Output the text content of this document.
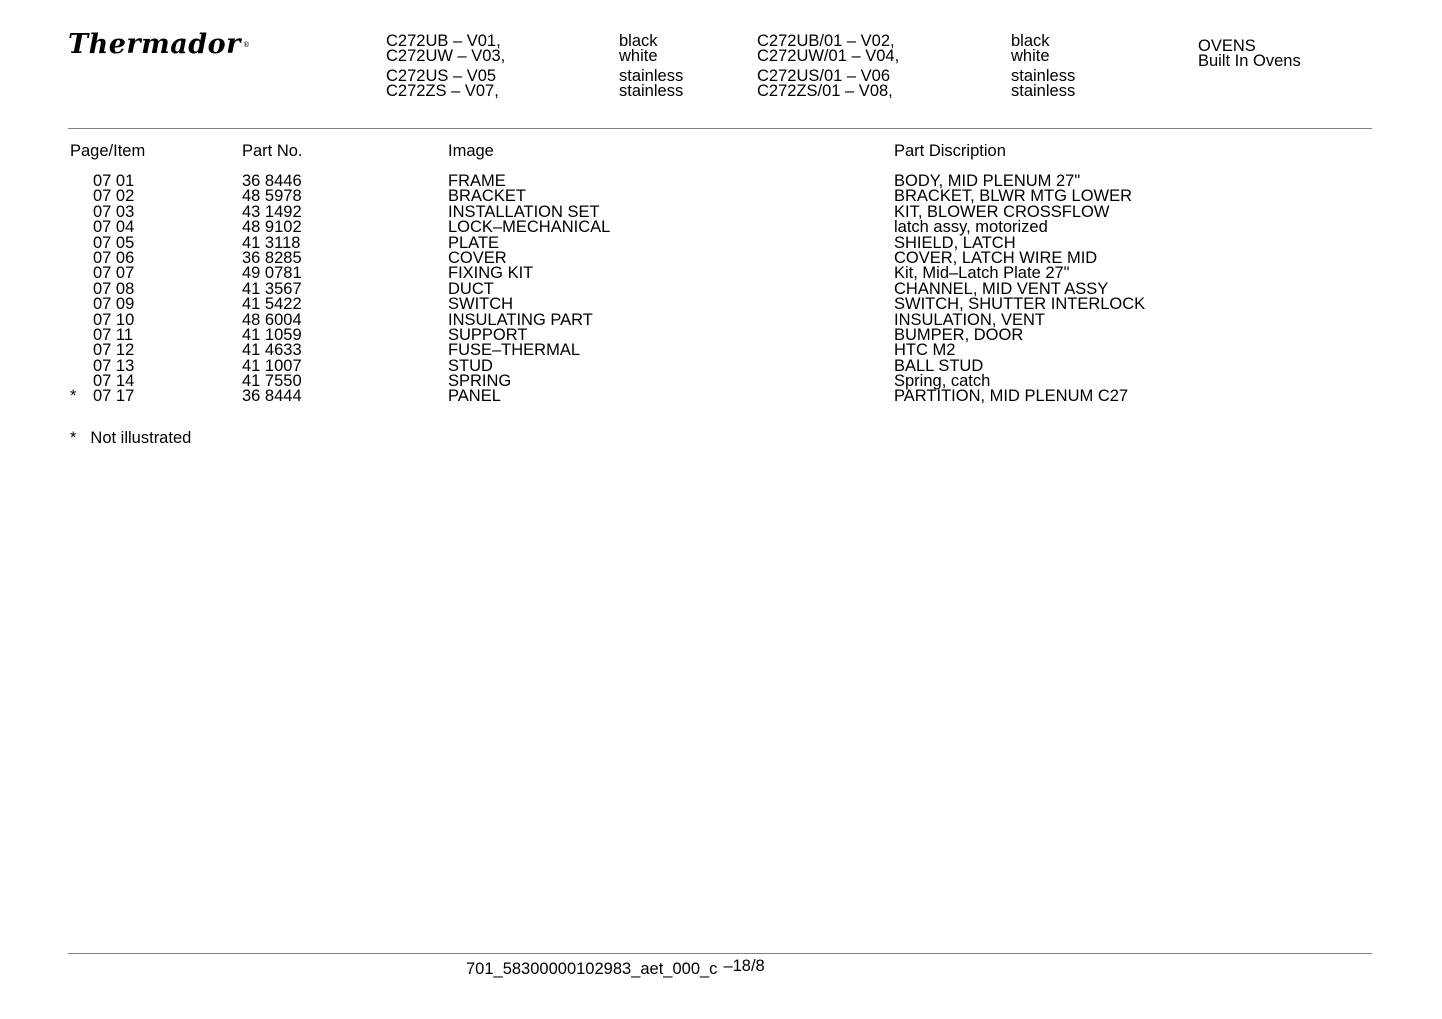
Thermador ®	C272UB – V01,	black	C272UB/01 – V02,	black
C272UW – V03,	white	C272UW/01 – V04,	white
C272US – V05	stainless	C272US/01 – V06	stainless
C272ZS – V07,	stainless	C272ZS/01 – V08,	stainless
OVENS
Built In Ovens
Page/Item	Part No.	Image	Part Discription
07 01	36 8446	FRAME	BODY, MID PLENUM 27"
07 02	48 5978	BRACKET	BRACKET, BLWR MTG LOWER
07 03	43 1492	INSTALLATION SET	KIT, BLOWER CROSSFLOW
07 04	48 9102	LOCK–MECHANICAL	latch assy, motorized
07 05	41 3118	PLATE	SHIELD, LATCH
07 06	36 8285	COVER	COVER, LATCH WIRE MID
07 07	49 0781	FIXING KIT	Kit, Mid–Latch Plate 27"
07 08	41 3567	DUCT	CHANNEL, MID VENT ASSY
07 09	41 5422	SWITCH	SWITCH, SHUTTER INTERLOCK
07 10	48 6004	INSULATING PART	INSULATION, VENT
07 11	41 1059	SUPPORT	BUMPER, DOOR
07 12	41 4633	FUSE–THERMAL	HTC M2
07 13	41 1007	STUD	BALL STUD
07 14	41 7550	SPRING	Spring, catch
* 07 17	36 8444	PANEL	PARTITION, MID PLENUM C27
* Not illustrated
701_58300000102983_aet_000_c –18/8
